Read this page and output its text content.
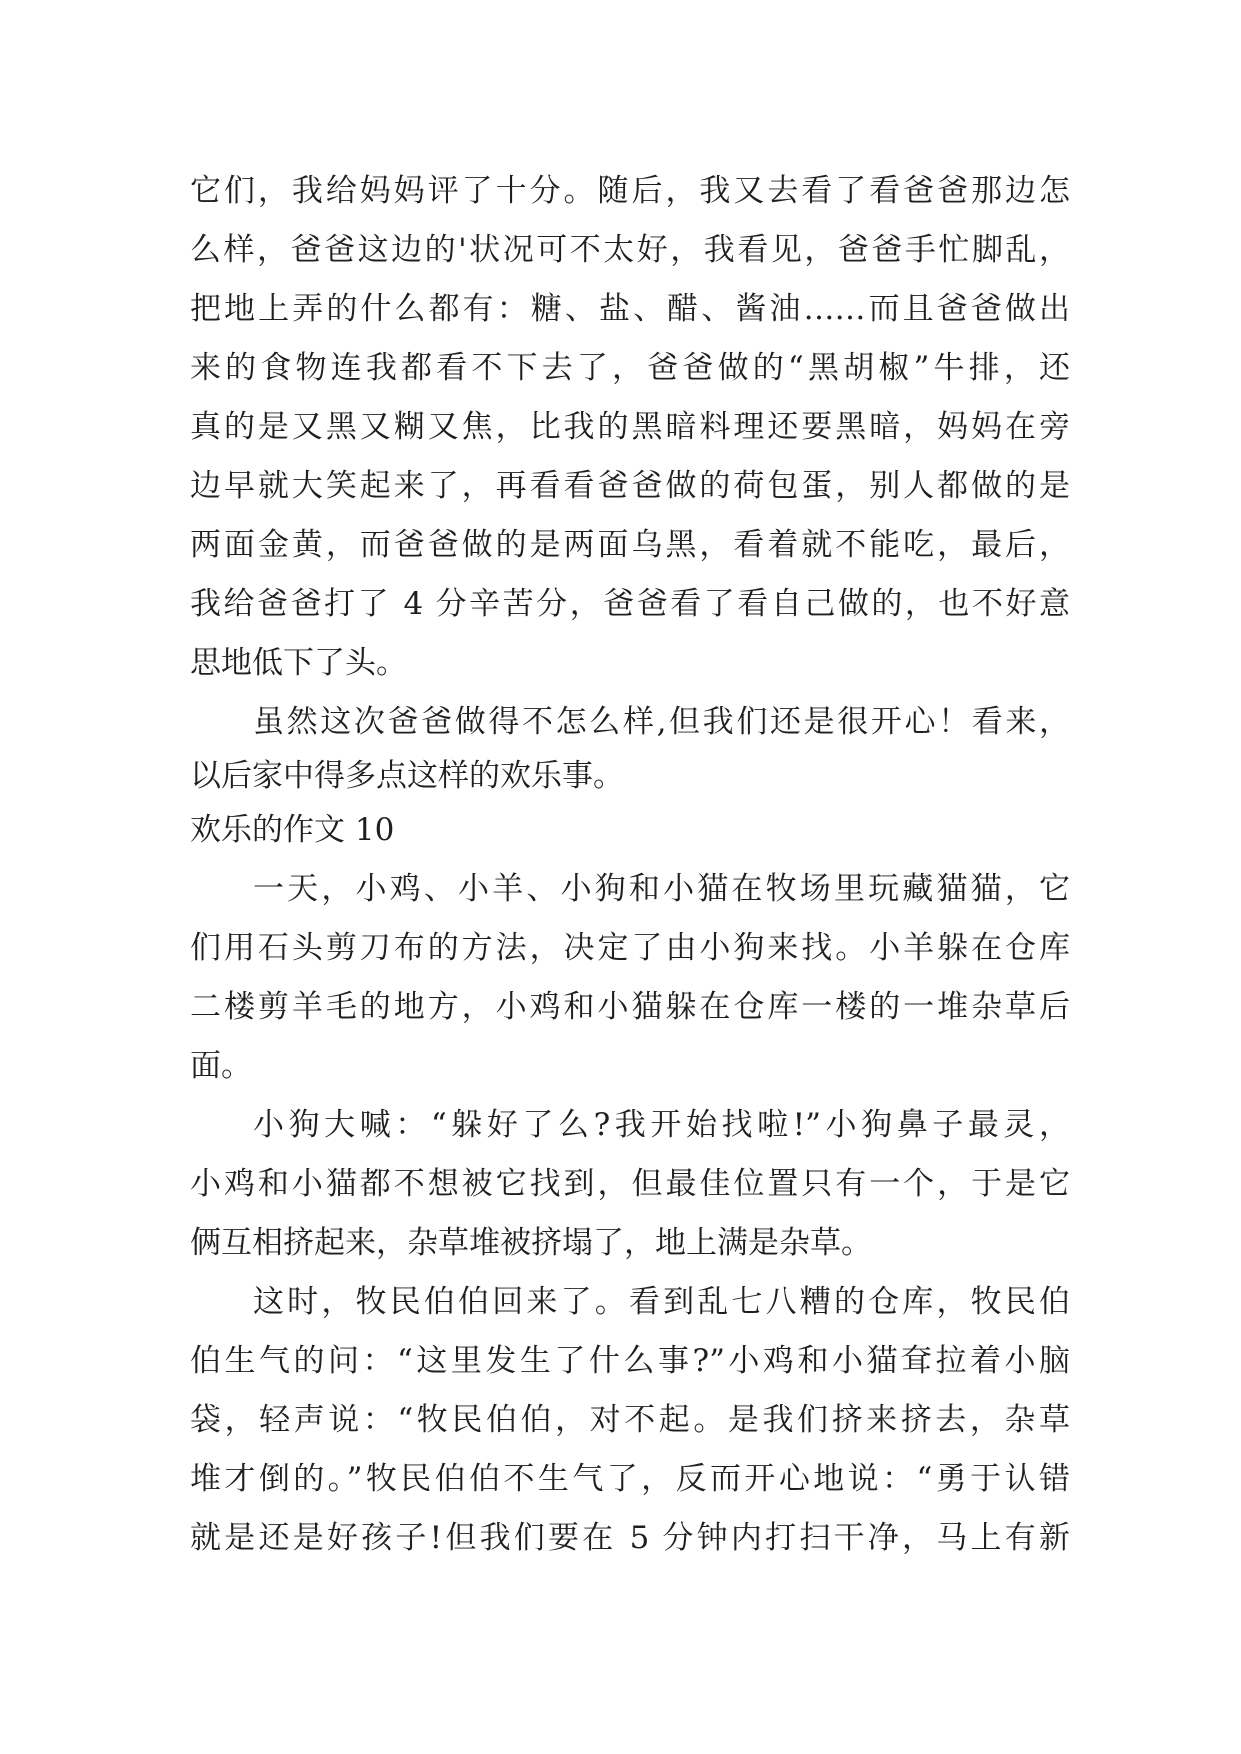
它们，我给妈妈评了十分。随后，我又去看了看爸爸那边怎
么样，爸爸这边的'状况可不太好，我看见，爸爸手忙脚乱，
把地上弄的什么都有：糖、盐、醋、酱油……而且爸爸做出
来的食物连我都看不下去了，爸爸做的“黑胡椒”牛排，还
真的是又黑又糊又焦，比我的黑暗料理还要黑暗，妈妈在旁
边早就大笑起来了，再看看爸爸做的荷包蛋，别人都做的是
两面金黄，而爸爸做的是两面乌黑，看着就不能吃，最后，
我给爸爸打了 4 分辛苦分，爸爸看了看自己做的，也不好意
思地低下了头。
虽然这次爸爸做得不怎么样,但我们还是很开心！看来，
以后家中得多点这样的欢乐事。
欢乐的作文 10
一天，小鸡、小羊、小狗和小猫在牧场里玩藏猫猫，它
们用石头剪刀布的方法，决定了由小狗来找。小羊躲在仓库
二楼剪羊毛的地方，小鸡和小猫躲在仓库一楼的一堆杂草后
面。
小狗大喊：“躲好了么?我开始找啦!”小狗鼻子最灵，
小鸡和小猫都不想被它找到，但最佳位置只有一个，于是它
俩互相挤起来，杂草堆被挤塌了，地上满是杂草。
这时，牧民伯伯回来了。看到乱七八糟的仓库，牧民伯
伯生气的问：“这里发生了什么事?”小鸡和小猫耷拉着小脑
袋，轻声说：“牧民伯伯，对不起。是我们挤来挤去，杂草
堆才倒的。”牧民伯伯不生气了，反而开心地说：“勇于认错
就是还是好孩子!但我们要在 5 分钟内打扫干净，马上有新
